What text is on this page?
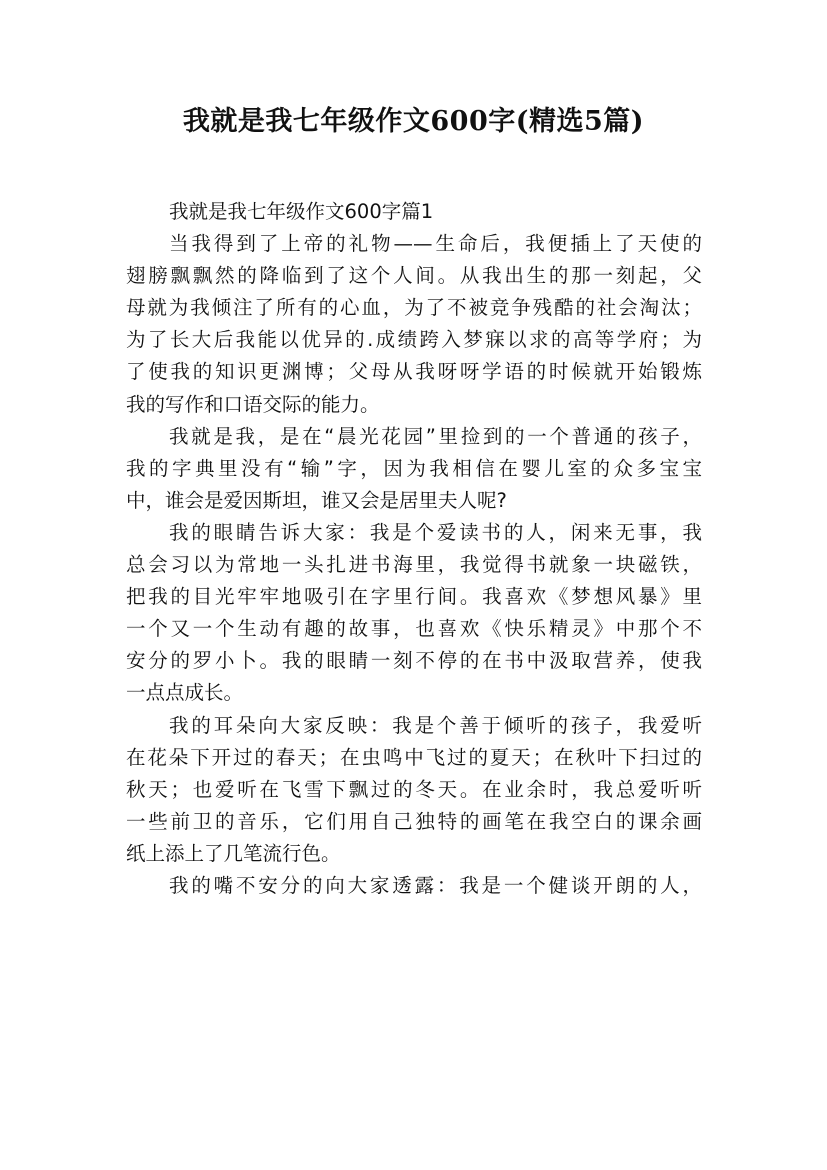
我就是我七年级作文600字(精选5篇)
我就是我七年级作文600字篇1
当我得到了上帝的礼物——生命后，我便插上了天使的
翅膀飘飘然的降临到了这个人间。从我出生的那一刻起，父
母就为我倾注了所有的心血，为了不被竞争残酷的社会淘汰；
为了长大后我能以优异的.成绩跨入梦寐以求的高等学府；为
了使我的知识更渊博；父母从我呀呀学语的时候就开始锻炼
我的写作和口语交际的能力。
我就是我，是在“晨光花园”里捡到的一个普通的孩子，
我的字典里没有“输”字，因为我相信在婴儿室的众多宝宝
中，谁会是爱因斯坦，谁又会是居里夫人呢?
我的眼睛告诉大家：我是个爱读书的人，闲来无事，我
总会习以为常地一头扎进书海里，我觉得书就象一块磁铁，
把我的目光牢牢地吸引在字里行间。我喜欢《梦想风暴》里
一个又一个生动有趣的故事，也喜欢《快乐精灵》中那个不
安分的罗小卜。我的眼睛一刻不停的在书中汲取营养，使我
一点点成长。
我的耳朵向大家反映：我是个善于倾听的孩子，我爱听
在花朵下开过的春天；在虫鸣中飞过的夏天；在秋叶下扫过的
秋天；也爱听在飞雪下飘过的冬天。在业余时，我总爱听听
一些前卫的音乐，它们用自己独特的画笔在我空白的课余画
纸上添上了几笔流行色。
我的嘴不安分的向大家透露：我是一个健谈开朗的人，
